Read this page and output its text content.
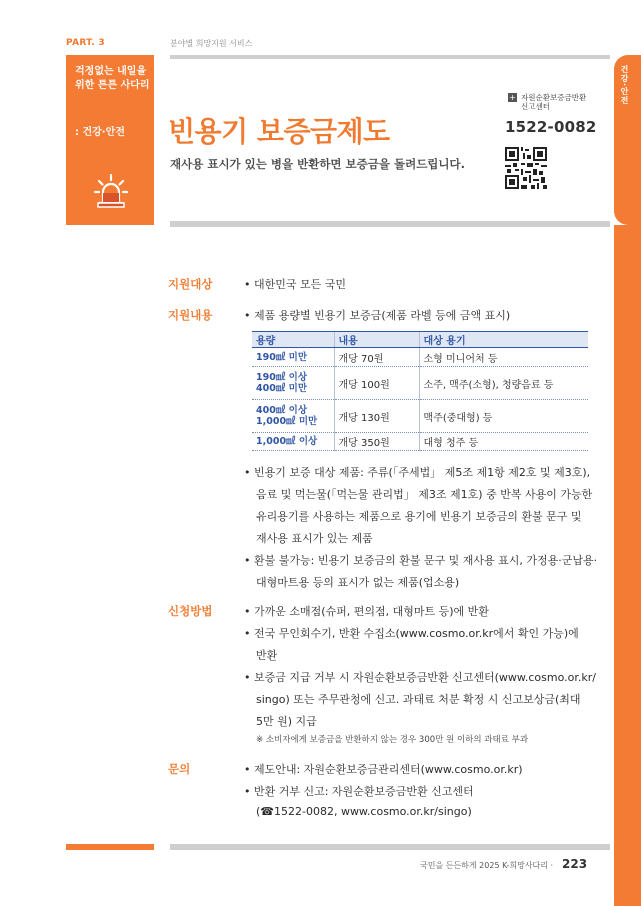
PART. 3	분야별 희망지원 서비스
걱정없는 내일을 위한 튼튼 사다리
: 건강·안전
건강·안전
빈용기 보증금제도
재사용 표시가 있는 병을 반환하면 보증금을 돌려드립니다.
+ 자원순환보증금반환 신고센터
1522-0082
지원대상	• 대한민국 모든 국민
지원내용	• 제품 용량별 빈용기 보증금(제품 라벨 등에 금액 표시)
용량	내용	대상 용기
190㎖ 미만	개당 70원	소형 미니어처 등
190㎖ 이상 400㎖ 미만	개당 100원	소주, 맥주(소형), 청량음료 등
400㎖ 이상 1,000㎖ 미만	개당 130원	맥주(중대형) 등
1,000㎖ 이상	개당 350원	대형 청주 등
• 빈용기 보증 대상 제품: 주류(「주세법」 제5조 제1항 제2호 및 제3호),
음료 및 먹는물(「먹는물 관리법」 제3조 제1호) 중 반복 사용이 가능한
유리용기를 사용하는 제품으로 용기에 빈용기 보증금의 환불 문구 및
재사용 표시가 있는 제품
• 환불 불가능: 빈용기 보증금의 환불 문구 및 재사용 표시, 가정용·군납용·
대형마트용 등의 표시가 없는 제품(업소용)
신청방법	• 가까운 소매점(슈퍼, 편의점, 대형마트 등)에 반환
• 전국 무인회수기, 반환 수집소(www.cosmo.or.kr에서 확인 가능)에
반환
• 보증금 지급 거부 시 자원순환보증금반환 신고센터(www.cosmo.or.kr/
singo) 또는 주무관청에 신고. 과태료 처분 확정 시 신고보상금(최대
5만 원) 지급
※ 소비자에게 보증금을 반환하지 않는 경우 300만 원 이하의 과태료 부과
문의	• 제도안내: 자원순환보증금관리센터(www.cosmo.or.kr)
• 반환 거부 신고: 자원순환보증금반환 신고센터
(☎1522-0082, www.cosmo.or.kr/singo)
국민을 든든하게 2025 K-희망사다리 · 223
